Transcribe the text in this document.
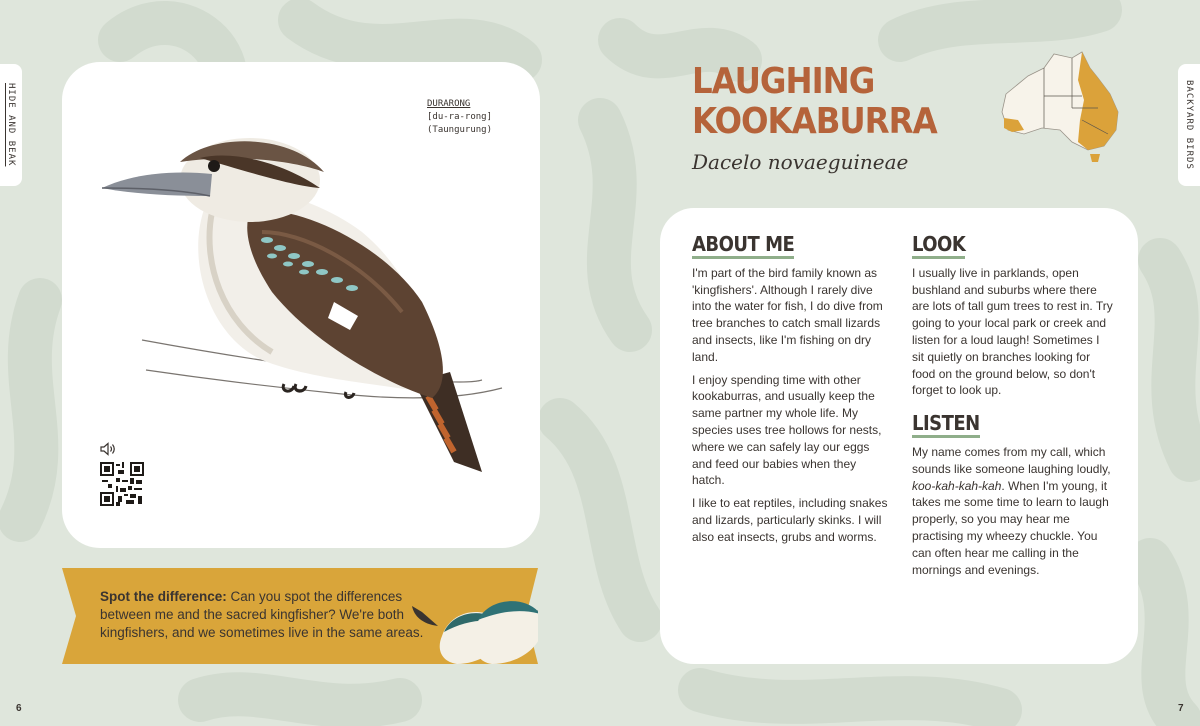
HIDE AND BEAK	BACKYARD BIRDS
6	7
DURARONG
[du-ra-rong]
(Taungurung)
Spot the difference: Can you spot the differences between me and the sacred kingfisher? We're both kingfishers, and we sometimes live in the same areas.
LAUGHING
KOOKABURRA
Dacelo novaeguineae
ABOUT ME

I'm part of the bird family known as 'kingfishers'. Although I rarely dive into the water for fish, I do dive from tree branches to catch small lizards and insects, like I'm fishing on dry land.

I enjoy spending time with other kookaburras, and usually keep the same partner my whole life. My species uses tree hollows for nests, where we can safely lay our eggs and feed our babies when they hatch.

I like to eat reptiles, including snakes and lizards, particularly skinks. I will also eat insects, grubs and worms.

LOOK

I usually live in parklands, open bushland and suburbs where there are lots of tall gum trees to rest in. Try going to your local park or creek and listen for a loud laugh! Sometimes I sit quietly on branches looking for food on the ground below, so don't forget to look up.

LISTEN

My name comes from my call, which sounds like someone laughing loudly, koo-kah-kah-kah. When I'm young, it takes me some time to learn to laugh properly, so you may hear me practising my wheezy chuckle. You can often hear me calling in the mornings and evenings.
